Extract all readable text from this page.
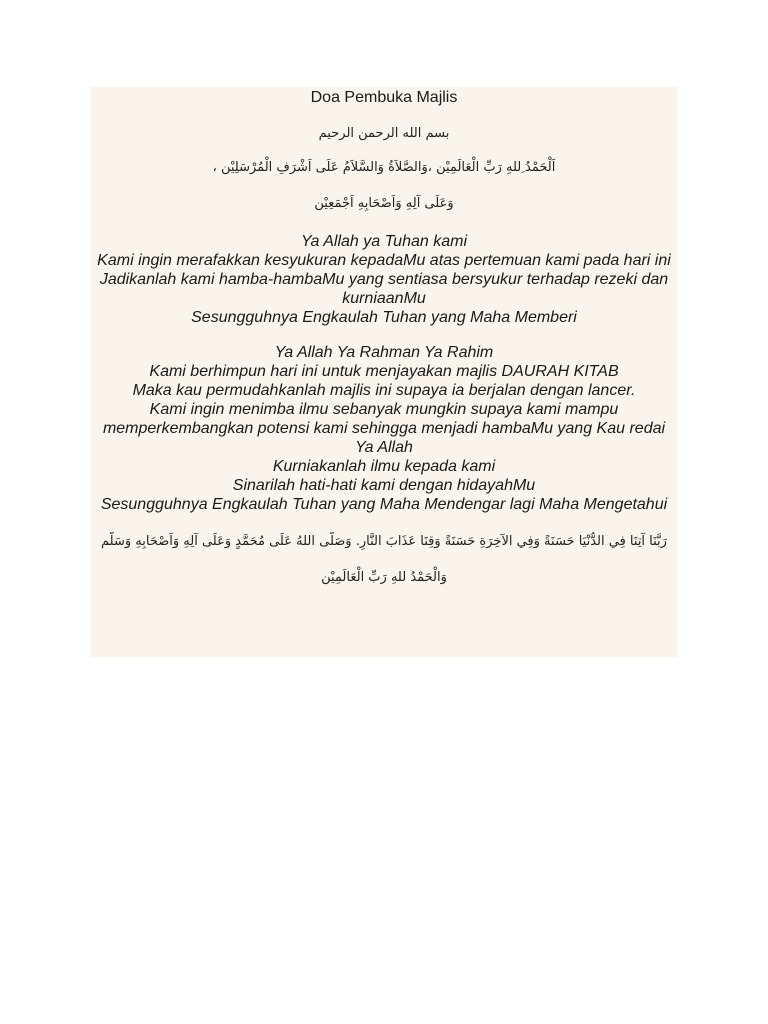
Doa Pembuka Majlis

بسم الله الرحمن الرحيم

اَلْحَمْدُ ِللهِ رَبِّ الْعَالَمِيْن ،وَالصَّلاَةُ وَالسَّلاَمُ عَلَى اَشْرَفِ الْمُرْسَلِيْن ،

وَعَلَى آلِهِ وَاَصْحَابِهِ اَجْمَعِيْن

Ya Allah ya Tuhan kami

Kami ingin merafakkan kesyukuran kepadaMu atas pertemuan kami pada hari ini

Jadikanlah kami hamba-hambaMu yang sentiasa bersyukur terhadap rezeki dan kurniaanMu

Sesungguhnya Engkaulah Tuhan yang Maha Memberi

Ya Allah Ya Rahman Ya Rahim

Kami berhimpun hari ini untuk menjayakan majlis DAURAH KITAB

Maka kau permudahkanlah majlis ini supaya ia berjalan dengan lancer.

Kami ingin menimba ilmu sebanyak mungkin supaya kami mampu memperkembangkan potensi kami sehingga menjadi hambaMu yang Kau redai Ya Allah

Kurniakanlah ilmu kepada kami

Sinarilah hati-hati kami dengan hidayahMu

Sesungguhnya Engkaulah Tuhan yang Maha Mendengar lagi Maha Mengetahui

رَبَّنَا آتِنَا فِي الدُّنْيَا حَسَنَةً وَفِي الآخِرَةِ حَسَنَةً وَقِنَا عَذَابَ النَّارِ. وَصَلَّى اللهُ عَلَى مُحَمَّدٍ وَعَلَى آلِهِ وَاَصْحَابِهِ وَسَلَّم

وَالْحَمْدُ للهِ رَبِّ الْعَالَمِيْن
